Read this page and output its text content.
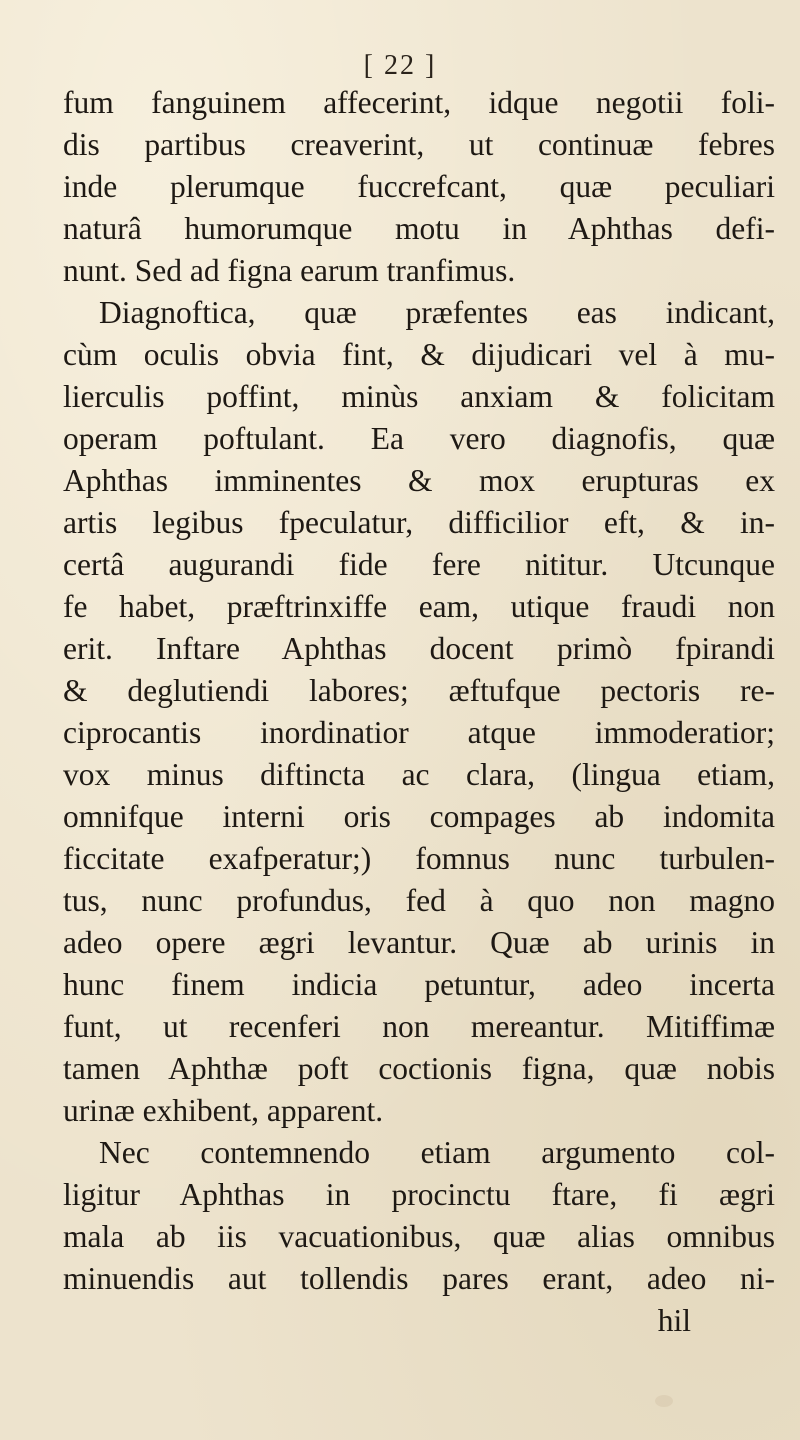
[ 22 ]
fum fanguinem affecerint, idque negotii foli-
dis partibus creaverint, ut continuæ febres
inde plerumque fuccrefcant, quæ peculiari
naturâ humorumque motu in Aphthas defi-
nunt. Sed ad figna earum tranfimus.
Diagnoftica, quæ præfentes eas indicant,
cùm oculis obvia fint, & dijudicari vel à mu-
lierculis poffint, minùs anxiam & folicitam
operam poftulant. Ea vero diagnofis, quæ
Aphthas imminentes & mox erupturas ex
artis legibus fpeculatur, difficilior eft, & in-
certâ augurandi fide fere nititur. Utcunque
fe habet, præftrinxiffe eam, utique fraudi non
erit. Inftare Aphthas docent primò fpirandi
& deglutiendi labores; æftufque pectoris re-
ciprocantis inordinatior atque immoderatior;
vox minus diftincta ac clara, (lingua etiam,
omnifque interni oris compages ab indomita
ficcitate exafperatur;) fomnus nunc turbulen-
tus, nunc profundus, fed à quo non magno
adeo opere ægri levantur. Quæ ab urinis in
hunc finem indicia petuntur, adeo incerta
funt, ut recenferi non mereantur. Mitiffimæ
tamen Aphthæ poft coctionis figna, quæ nobis
urinæ exhibent, apparent.
Nec contemnendo etiam argumento col-
ligitur Aphthas in procinctu ftare, fi ægri
mala ab iis vacuationibus, quæ alias omnibus
minuendis aut tollendis pares erant, adeo ni-
hil
